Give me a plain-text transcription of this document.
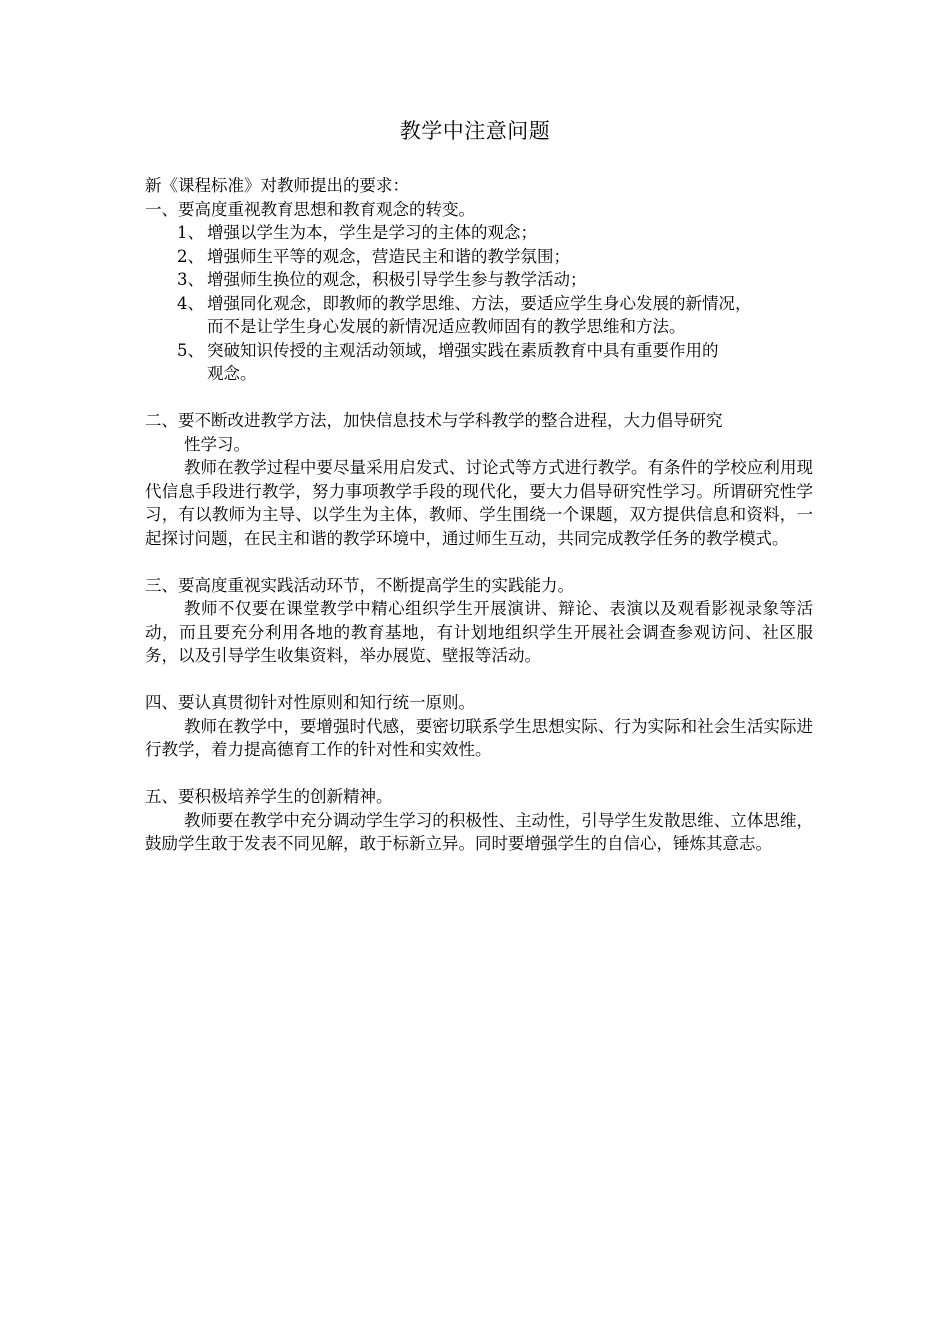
教学中注意问题

新《课程标准》对教师提出的要求：

一、要高度重视教育思想和教育观念的转变。

1、 增强以学生为本，学生是学习的主体的观念；
2、 增强师生平等的观念，营造民主和谐的教学氛围；
3、 增强师生换位的观念，积极引导学生参与教学活动；
4、 增强同化观念，即教师的教学思维、方法，要适应学生身心发展的新情况，
而不是让学生身心发展的新情况适应教师固有的教学思维和方法。
5、 突破知识传授的主观活动领域，增强实践在素质教育中具有重要作用的
观念。

二、要不断改进教学方法，加快信息技术与学科教学的整合进程，大力倡导研究

性学习。

教师在教学过程中要尽量采用启发式、讨论式等方式进行教学。有条件的学校应利用现代信息手段进行教学，努力事项教学手段的现代化，要大力倡导研究性学习。所谓研究性学习，有以教师为主导、以学生为主体，教师、学生围绕一个课题，双方提供信息和资料，一起探讨问题，在民主和谐的教学环境中，通过师生互动，共同完成教学任务的教学模式。

三、要高度重视实践活动环节，不断提高学生的实践能力。

教师不仅要在课堂教学中精心组织学生开展演讲、辩论、表演以及观看影视录象等活动，而且要充分利用各地的教育基地，有计划地组织学生开展社会调查参观访问、社区服务，以及引导学生收集资料，举办展览、壁报等活动。

四、要认真贯彻针对性原则和知行统一原则。

教师在教学中，要增强时代感，要密切联系学生思想实际、行为实际和社会生活实际进行教学，着力提高德育工作的针对性和实效性。

五、要积极培养学生的创新精神。

教师要在教学中充分调动学生学习的积极性、主动性，引导学生发散思维、立体思维，鼓励学生敢于发表不同见解，敢于标新立异。同时要增强学生的自信心，锤炼其意志。
